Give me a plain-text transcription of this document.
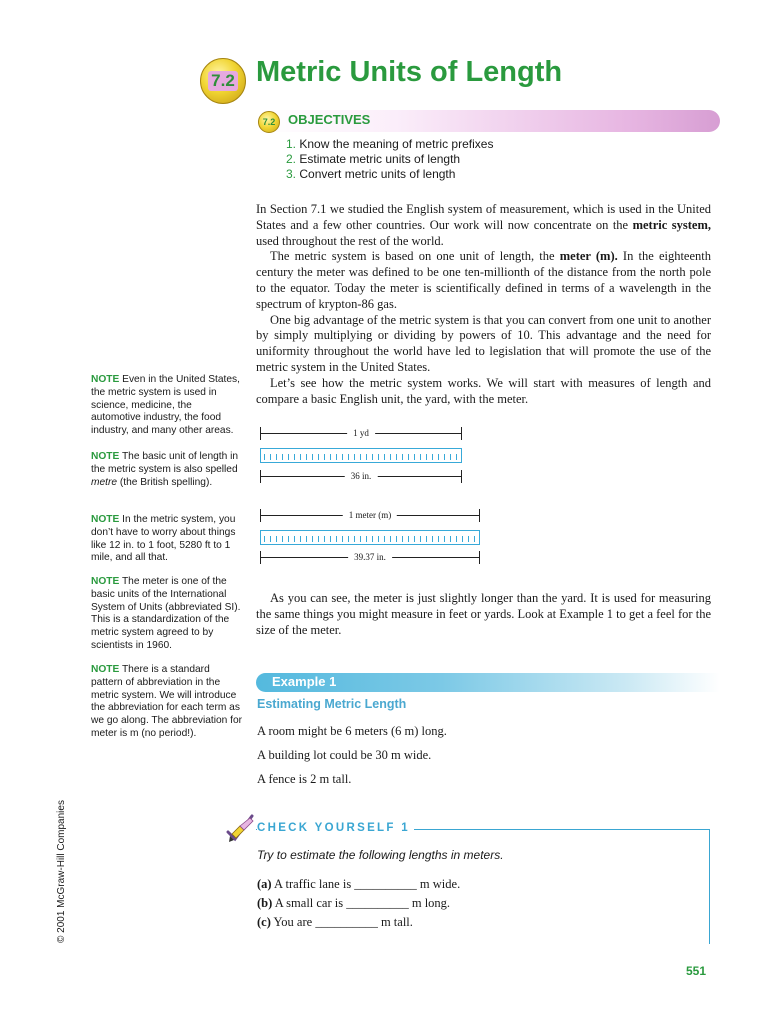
7.2 Metric Units of Length
7.2 OBJECTIVES
1. Know the meaning of metric prefixes
2. Estimate metric units of length
3. Convert metric units of length

In Section 7.1 we studied the English system of measurement, which is used in the United States and a few other countries. Our work will now concentrate on the metric system, used throughout the rest of the world.

The metric system is based on one unit of length, the meter (m). In the eighteenth century the meter was defined to be one ten-millionth of the distance from the north pole to the equator. Today the meter is scientifically defined in terms of a wavelength in the spectrum of krypton-86 gas.

One big advantage of the metric system is that you can convert from one unit to another by simply multiplying or dividing by powers of 10. This advantage and the need for uniformity throughout the world have led to legislation that will promote the use of the metric system in the United States.

Let’s see how the metric system works. We will start with measures of length and compare a basic English unit, the yard, with the meter.

NOTE Even in the United States, the metric system is used in science, medicine, the automotive industry, the food industry, and many other areas.
NOTE The basic unit of length in the metric system is also spelled metre (the British spelling).
NOTE In the metric system, you don’t have to worry about things like 12 in. to 1 foot, 5280 ft to 1 mile, and all that.
NOTE The meter is one of the basic units of the International System of Units (abbreviated SI). This is a standardization of the metric system agreed to by scientists in 1960.
NOTE There is a standard pattern of abbreviation in the metric system. We will introduce the abbreviation for each term as we go along. The abbreviation for meter is m (no period!).
1 yd
36 in.
1 meter (m)
39.37 in.

As you can see, the meter is just slightly longer than the yard. It is used for measuring the same things you might measure in feet or yards. Look at Example 1 to get a feel for the size of the meter.

Example 1
Estimating Metric Length
A room might be 6 meters (6 m) long.
A building lot could be 30 m wide.
A fence is 2 m tall.
CHECK YOURSELF 1
Try to estimate the following lengths in meters.
(a) A traffic lane is __________ m wide.
(b) A small car is __________ m long.
(c) You are __________ m tall.
© 2001 McGraw-Hill Companies
551
